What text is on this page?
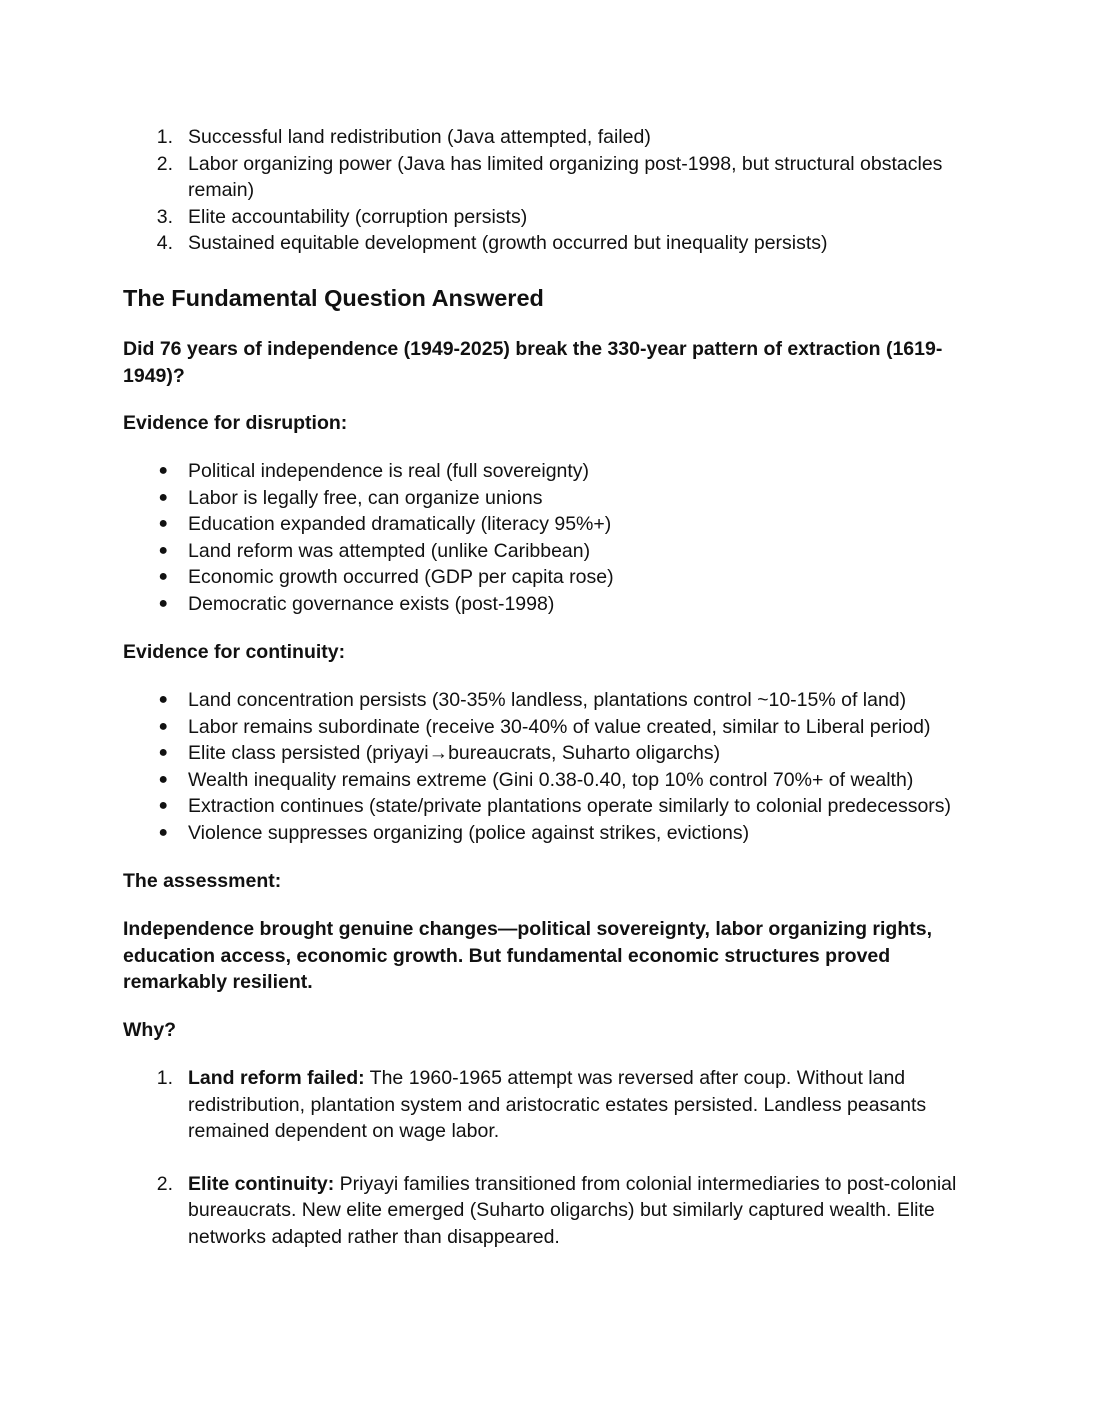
1. Successful land redistribution (Java attempted, failed)
2. Labor organizing power (Java has limited organizing post-1998, but structural obstacles remain)
3. Elite accountability (corruption persists)
4. Sustained equitable development (growth occurred but inequality persists)
The Fundamental Question Answered

Did 76 years of independence (1949-2025) break the 330-year pattern of extraction (1619-1949)?

Evidence for disruption:

● Political independence is real (full sovereignty)
● Labor is legally free, can organize unions
● Education expanded dramatically (literacy 95%+)
● Land reform was attempted (unlike Caribbean)
● Economic growth occurred (GDP per capita rose)
● Democratic governance exists (post-1998)

Evidence for continuity:

● Land concentration persists (30-35% landless, plantations control ~10-15% of land)
● Labor remains subordinate (receive 30-40% of value created, similar to Liberal period)
● Elite class persisted (priyayi→bureaucrats, Suharto oligarchs)
● Wealth inequality remains extreme (Gini 0.38-0.40, top 10% control 70%+ of wealth)
● Extraction continues (state/private plantations operate similarly to colonial predecessors)
● Violence suppresses organizing (police against strikes, evictions)

The assessment:

Independence brought genuine changes—political sovereignty, labor organizing rights, education access, economic growth. But fundamental economic structures proved remarkably resilient.

Why?

1. Land reform failed: The 1960-1965 attempt was reversed after coup. Without land redistribution, plantation system and aristocratic estates persisted. Landless peasants remained dependent on wage labor.
2. Elite continuity: Priyayi families transitioned from colonial intermediaries to post-colonial bureaucrats. New elite emerged (Suharto oligarchs) but similarly captured wealth. Elite networks adapted rather than disappeared.
